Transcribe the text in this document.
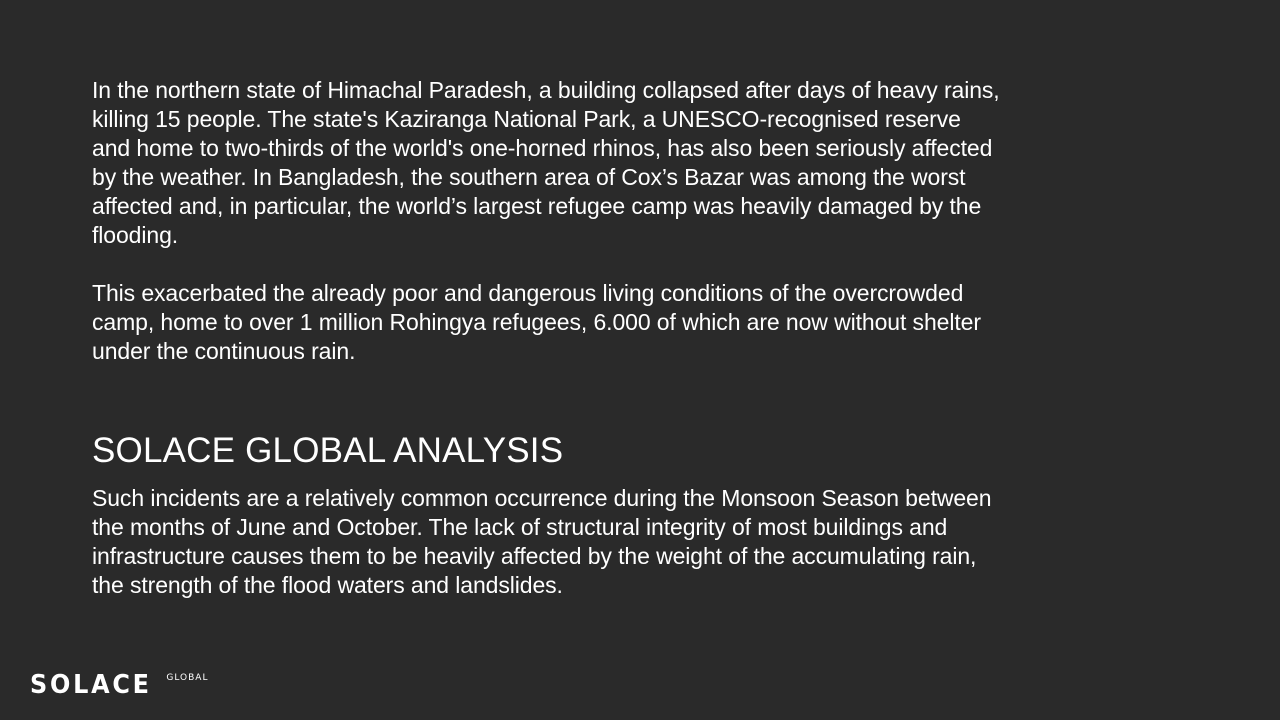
In the northern state of Himachal Paradesh, a building collapsed after days of heavy rains,
killing 15 people. The state's Kaziranga National Park, a UNESCO-recognised reserve
and home to two-thirds of the world's one-horned rhinos, has also been seriously affected
by the weather. In Bangladesh, the southern area of Cox’s Bazar was among the worst
affected and, in particular, the world’s largest refugee camp was heavily damaged by the
flooding.

This exacerbated the already poor and dangerous living conditions of the overcrowded
camp, home to over 1 million Rohingya refugees, 6.000 of which are now without shelter
under the continuous rain.

SOLACE GLOBAL ANALYSIS

Such incidents are a relatively common occurrence during the Monsoon Season between
the months of June and October. The lack of structural integrity of most buildings and
infrastructure causes them to be heavily affected by the weight of the accumulating rain,
the strength of the flood waters and landslides.

SOLACE GLOBAL
